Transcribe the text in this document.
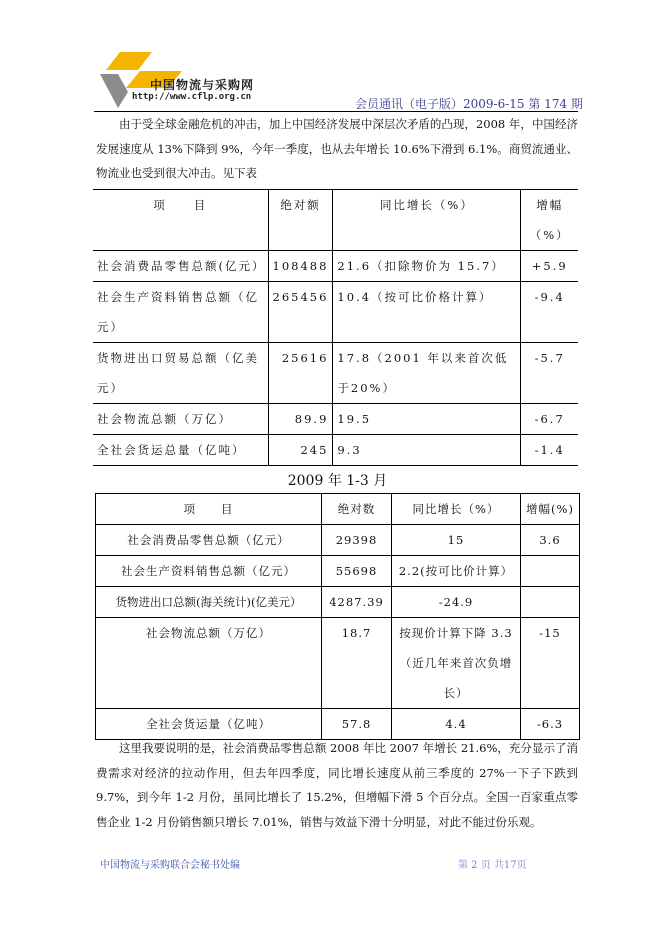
中国物流与采购网
http://www.cflp.org.cn	会员通讯（电子版）2009-6-15 第 174 期
由于受全球金融危机的冲击，加上中国经济发展中深层次矛盾的凸现，2008 年，中国经济发展速度从 13%下降到 9%，今年一季度，也从去年增长 10.6%下滑到 6.1%。商贸流通业、物流业也受到很大冲击。见下表
项　　目	绝对额	同比增长（%）	增幅（%）
社会消费品零售总额(亿元）	108488	21.6（扣除物价为 15.7）	+5.9
社会生产资料销售总额（亿元）	265456	10.4（按可比价格计算）	-9.4
货物进出口贸易总额（亿美元）	25616	17.8（2001 年以来首次低于20%）	-5.7
社会物流总额（万亿）	89.9	19.5	-6.7
全社会货运总量（亿吨）	245	9.3	-1.4
2009 年 1-3 月
项　　目	绝对数	同比增长（%）	增幅(%)
社会消费品零售总额（亿元）	29398	15	3.6
社会生产资料销售总额（亿元）	55698	2.2(按可比价计算）	
货物进出口总额(海关统计)(亿美元）	4287.39	-24.9	
社会物流总额（万亿）	18.7	按现价计算下降 3.3（近几年来首次负增长）	-15
全社会货运量（亿吨）	57.8	4.4	-6.3
这里我要说明的是，社会消费品零售总额 2008 年比 2007 年增长 21.6%，充分显示了消费需求对经济的拉动作用，但去年四季度，同比增长速度从前三季度的 27%一下子下跌到 9.7%，到今年 1-2 月份，虽同比增长了 15.2%，但增幅下滑 5 个百分点。全国一百家重点零售企业 1-2 月份销售额只增长 7.01%，销售与效益下滑十分明显，对此不能过份乐观。
中国物流与采购联合会秘书处编	第 2 页 共17页
